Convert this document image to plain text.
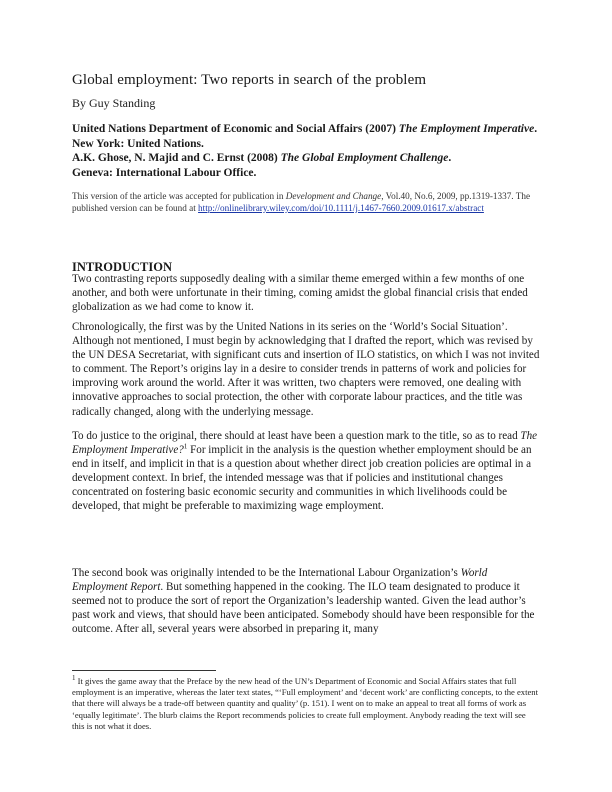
Global employment: Two reports in search of the problem
By Guy Standing
United Nations Department of Economic and Social Affairs (2007) The Employment Imperative. New York: United Nations.
A.K. Ghose, N. Majid and C. Ernst (2008) The Global Employment Challenge.
Geneva: International Labour Office.
This version of the article was accepted for publication in Development and Change, Vol.40, No.6, 2009, pp.1319-1337. The published version can be found at http://onlinelibrary.wiley.com/doi/10.1111/j.1467-7660.2009.01617.x/abstract
INTRODUCTION
Two contrasting reports supposedly dealing with a similar theme emerged within a few months of one another, and both were unfortunate in their timing, coming amidst the global financial crisis that ended globalization as we had come to know it.
Chronologically, the first was by the United Nations in its series on the ‘World’s Social Situation’. Although not mentioned, I must begin by acknowledging that I drafted the report, which was revised by the UN DESA Secretariat, with significant cuts and insertion of ILO statistics, on which I was not invited to comment. The Report’s origins lay in a desire to consider trends in patterns of work and policies for improving work around the world. After it was written, two chapters were removed, one dealing with innovative approaches to social protection, the other with corporate labour practices, and the title was radically changed, along with the underlying message.
To do justice to the original, there should at least have been a question mark to the title, so as to read The Employment Imperative?$^1$ For implicit in the analysis is the question whether employment should be an end in itself, and implicit in that is a question about whether direct job creation policies are optimal in a development context. In brief, the intended message was that if policies and institutional changes concentrated on fostering basic economic security and communities in which livelihoods could be developed, that might be preferable to maximizing wage employment.
The second book was originally intended to be the International Labour Organization’s World Employment Report. But something happened in the cooking. The ILO team designated to produce it seemed not to produce the sort of report the Organization’s leadership wanted. Given the lead author’s past work and views, that should have been anticipated. Somebody should have been responsible for the outcome. After all, several years were absorbed in preparing it, many
$^1$ It gives the game away that the Preface by the new head of the UN’s Department of Economic and Social Affairs states that full employment is an imperative, whereas the later text states, “‘Full employment’ and ‘decent work’ are conflicting concepts, to the extent that there will always be a trade-off between quantity and quality’ (p. 151). I went on to make an appeal to treat all forms of work as ‘equally legitimate’. The blurb claims the Report recommends policies to create full employment. Anybody reading the text will see this is not what it does.
